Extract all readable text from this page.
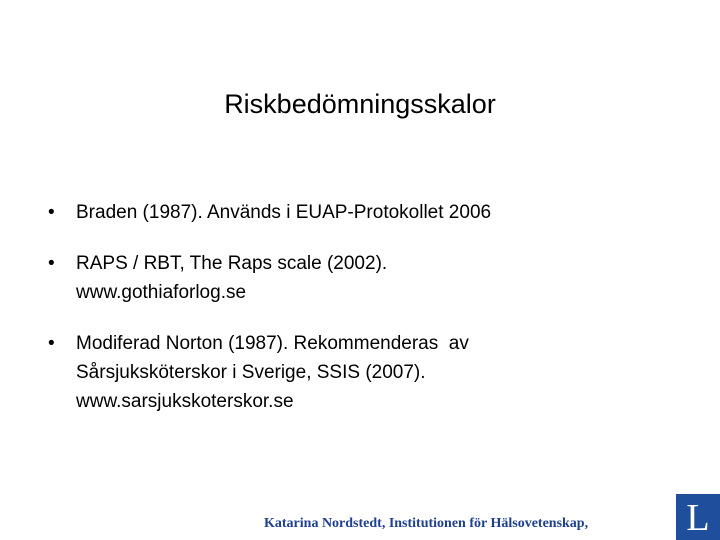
Riskbedömningsskalor
• Braden (1987). Används i EUAP-Protokollet 2006
• RAPS / RBT, The Raps scale (2002).
www.gothiaforlog.se
• Modiferad Norton (1987). Rekommenderas  av
Sårsjuksköterskor i Sverige, SSIS (2007).
www.sarsjukskoterskor.se
Katarina Nordstedt, Institutionen för Hälsovetenskap,	L
